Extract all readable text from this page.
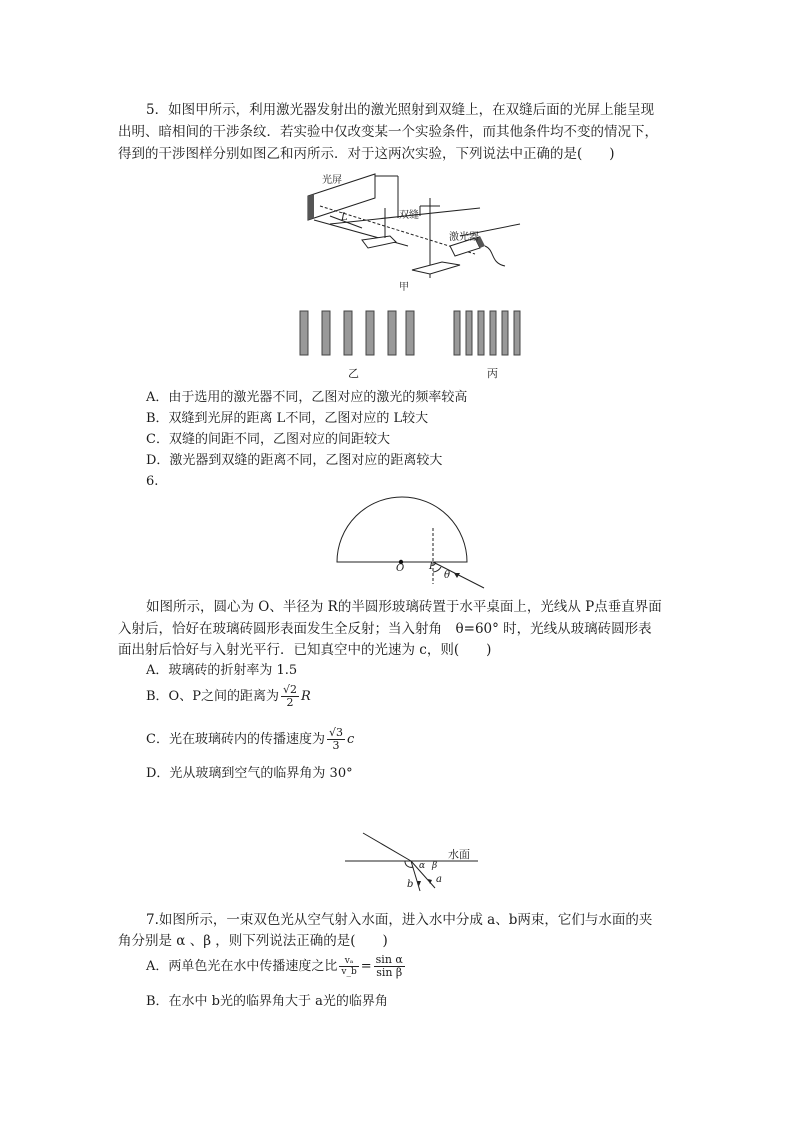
5．如图甲所示，利用激光器发射出的激光照射到双缝上，在双缝后面的光屏上能呈现
出明、暗相间的干涉条纹．若实验中仅改变某一个实验条件，而其他条件均不变的情况下，
得到的干涉图样分别如图乙和丙所示．对于这两次实验，下列说法中正确的是(　　)
光屏
L	双缝
激光器
甲
乙	丙
A．由于选用的激光器不同，乙图对应的激光的频率较高
B．双缝到光屏的距离 L不同，乙图对应的 L较大
C．双缝的间距不同，乙图对应的间距较大
D．激光器到双缝的距离不同，乙图对应的距离较大
6.
O P
θ
如图所示，圆心为 O、半径为 R的半圆形玻璃砖置于水平桌面上，光线从 P点垂直界面
入射后，恰好在玻璃砖圆形表面发生全反射；当入射角　θ=60° 时，光线从玻璃砖圆形表
面出射后恰好与入射光平行．已知真空中的光速为 c，则(　　)
A．玻璃砖的折射率为 1.5
B．O、P之间的距离为 $\frac{√2}{2}$ R
C．光在玻璃砖内的传播速度为 $\frac{√3}{3}$ c
D．光从玻璃到空气的临界角为 30°
水面
α β
a
b
7.如图所示，一束双色光从空气射入水面，进入水中分成 a、b两束，它们与水面的夹
角分别是 α 、β ，则下列说法正确的是(　　)
A．两单色光在水中传播速度之比 $\frac{\text{vₐ}}{v\_b} = \frac{\text{sin α}}{\text{sin β}}$
B．在水中 b光的临界角大于 a光的临界角
